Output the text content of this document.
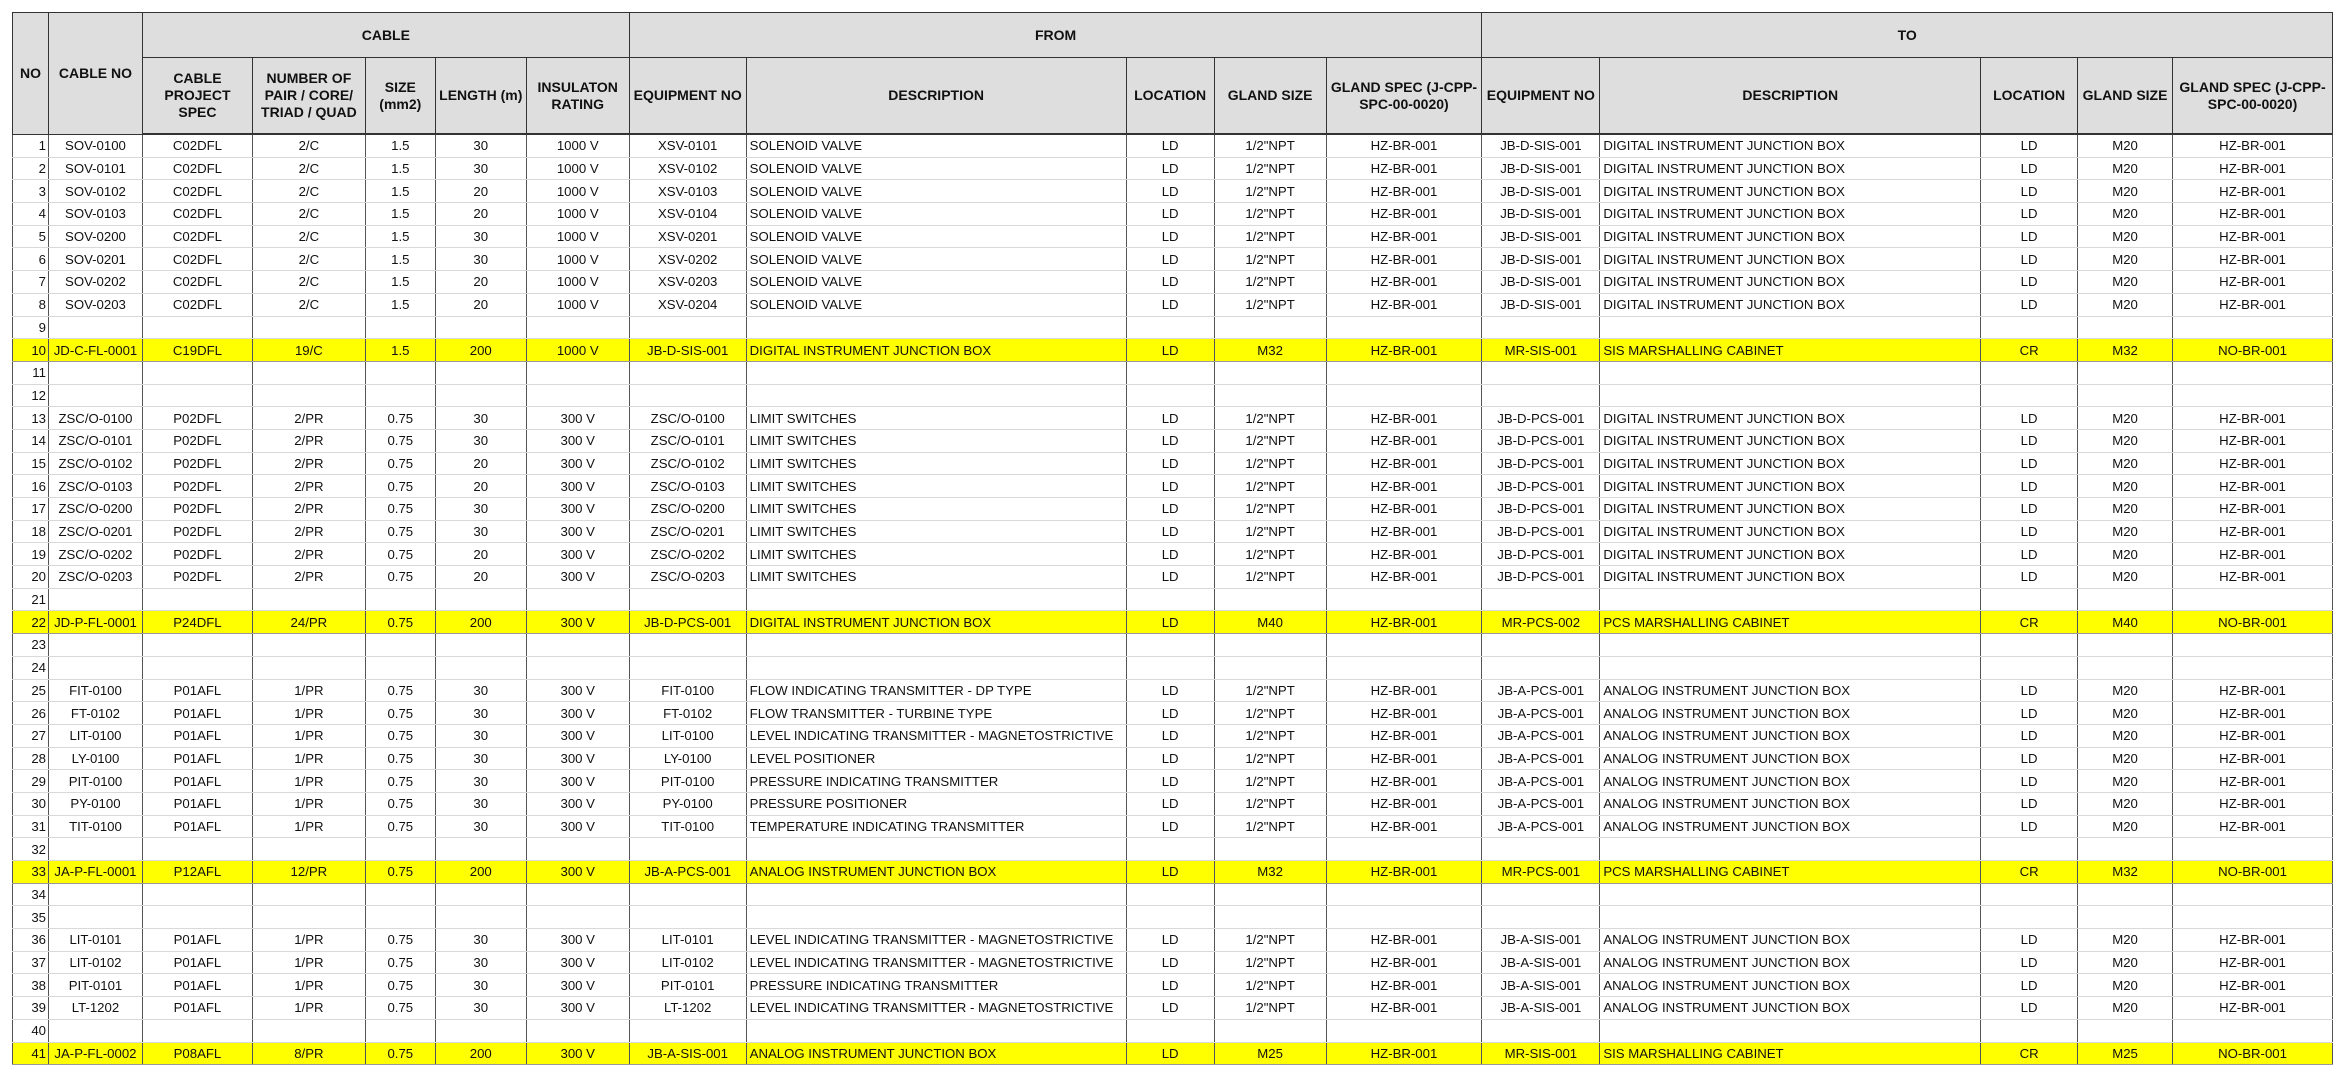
NO	CABLE NO	CABLE					FROM					TO				
		CABLE PROJECT SPEC	NUMBER OF PAIR / CORE/ TRIAD / QUAD	SIZE (mm2)	LENGTH (m)	INSULATON RATING	EQUIPMENT NO	DESCRIPTION	LOCATION	GLAND SIZE	GLAND SPEC (J-CPP-SPC-00-0020)	EQUIPMENT NO	DESCRIPTION	LOCATION	GLAND SIZE	GLAND SPEC (J-CPP-SPC-00-0020)
1	SOV-0100	C02DFL	2/C	1.5	30	1000 V	XSV-0101	SOLENOID VALVE	LD	1/2"NPT	HZ-BR-001	JB-D-SIS-001	DIGITAL INSTRUMENT JUNCTION BOX	LD	M20	HZ-BR-001
2	SOV-0101	C02DFL	2/C	1.5	30	1000 V	XSV-0102	SOLENOID VALVE	LD	1/2"NPT	HZ-BR-001	JB-D-SIS-001	DIGITAL INSTRUMENT JUNCTION BOX	LD	M20	HZ-BR-001
3	SOV-0102	C02DFL	2/C	1.5	20	1000 V	XSV-0103	SOLENOID VALVE	LD	1/2"NPT	HZ-BR-001	JB-D-SIS-001	DIGITAL INSTRUMENT JUNCTION BOX	LD	M20	HZ-BR-001
4	SOV-0103	C02DFL	2/C	1.5	20	1000 V	XSV-0104	SOLENOID VALVE	LD	1/2"NPT	HZ-BR-001	JB-D-SIS-001	DIGITAL INSTRUMENT JUNCTION BOX	LD	M20	HZ-BR-001
5	SOV-0200	C02DFL	2/C	1.5	30	1000 V	XSV-0201	SOLENOID VALVE	LD	1/2"NPT	HZ-BR-001	JB-D-SIS-001	DIGITAL INSTRUMENT JUNCTION BOX	LD	M20	HZ-BR-001
6	SOV-0201	C02DFL	2/C	1.5	30	1000 V	XSV-0202	SOLENOID VALVE	LD	1/2"NPT	HZ-BR-001	JB-D-SIS-001	DIGITAL INSTRUMENT JUNCTION BOX	LD	M20	HZ-BR-001
7	SOV-0202	C02DFL	2/C	1.5	20	1000 V	XSV-0203	SOLENOID VALVE	LD	1/2"NPT	HZ-BR-001	JB-D-SIS-001	DIGITAL INSTRUMENT JUNCTION BOX	LD	M20	HZ-BR-001
8	SOV-0203	C02DFL	2/C	1.5	20	1000 V	XSV-0204	SOLENOID VALVE	LD	1/2"NPT	HZ-BR-001	JB-D-SIS-001	DIGITAL INSTRUMENT JUNCTION BOX	LD	M20	HZ-BR-001
9																
10	JD-C-FL-0001	C19DFL	19/C	1.5	200	1000 V	JB-D-SIS-001	DIGITAL INSTRUMENT JUNCTION BOX	LD	M32	HZ-BR-001	MR-SIS-001	SIS MARSHALLING CABINET	CR	M32	NO-BR-001
11																
12																
13	ZSC/O-0100	P02DFL	2/PR	0.75	30	300 V	ZSC/O-0100	LIMIT SWITCHES	LD	1/2"NPT	HZ-BR-001	JB-D-PCS-001	DIGITAL INSTRUMENT JUNCTION BOX	LD	M20	HZ-BR-001
14	ZSC/O-0101	P02DFL	2/PR	0.75	30	300 V	ZSC/O-0101	LIMIT SWITCHES	LD	1/2"NPT	HZ-BR-001	JB-D-PCS-001	DIGITAL INSTRUMENT JUNCTION BOX	LD	M20	HZ-BR-001
15	ZSC/O-0102	P02DFL	2/PR	0.75	20	300 V	ZSC/O-0102	LIMIT SWITCHES	LD	1/2"NPT	HZ-BR-001	JB-D-PCS-001	DIGITAL INSTRUMENT JUNCTION BOX	LD	M20	HZ-BR-001
16	ZSC/O-0103	P02DFL	2/PR	0.75	20	300 V	ZSC/O-0103	LIMIT SWITCHES	LD	1/2"NPT	HZ-BR-001	JB-D-PCS-001	DIGITAL INSTRUMENT JUNCTION BOX	LD	M20	HZ-BR-001
17	ZSC/O-0200	P02DFL	2/PR	0.75	30	300 V	ZSC/O-0200	LIMIT SWITCHES	LD	1/2"NPT	HZ-BR-001	JB-D-PCS-001	DIGITAL INSTRUMENT JUNCTION BOX	LD	M20	HZ-BR-001
18	ZSC/O-0201	P02DFL	2/PR	0.75	30	300 V	ZSC/O-0201	LIMIT SWITCHES	LD	1/2"NPT	HZ-BR-001	JB-D-PCS-001	DIGITAL INSTRUMENT JUNCTION BOX	LD	M20	HZ-BR-001
19	ZSC/O-0202	P02DFL	2/PR	0.75	20	300 V	ZSC/O-0202	LIMIT SWITCHES	LD	1/2"NPT	HZ-BR-001	JB-D-PCS-001	DIGITAL INSTRUMENT JUNCTION BOX	LD	M20	HZ-BR-001
20	ZSC/O-0203	P02DFL	2/PR	0.75	20	300 V	ZSC/O-0203	LIMIT SWITCHES	LD	1/2"NPT	HZ-BR-001	JB-D-PCS-001	DIGITAL INSTRUMENT JUNCTION BOX	LD	M20	HZ-BR-001
21																
22	JD-P-FL-0001	P24DFL	24/PR	0.75	200	300 V	JB-D-PCS-001	DIGITAL INSTRUMENT JUNCTION BOX	LD	M40	HZ-BR-001	MR-PCS-002	PCS MARSHALLING CABINET	CR	M40	NO-BR-001
23																
24																
25	FIT-0100	P01AFL	1/PR	0.75	30	300 V	FIT-0100	FLOW INDICATING TRANSMITTER - DP TYPE	LD	1/2"NPT	HZ-BR-001	JB-A-PCS-001	ANALOG INSTRUMENT JUNCTION BOX	LD	M20	HZ-BR-001
26	FT-0102	P01AFL	1/PR	0.75	30	300 V	FT-0102	FLOW TRANSMITTER - TURBINE TYPE	LD	1/2"NPT	HZ-BR-001	JB-A-PCS-001	ANALOG INSTRUMENT JUNCTION BOX	LD	M20	HZ-BR-001
27	LIT-0100	P01AFL	1/PR	0.75	30	300 V	LIT-0100	LEVEL INDICATING TRANSMITTER - MAGNETOSTRICTIVE	LD	1/2"NPT	HZ-BR-001	JB-A-PCS-001	ANALOG INSTRUMENT JUNCTION BOX	LD	M20	HZ-BR-001
28	LY-0100	P01AFL	1/PR	0.75	30	300 V	LY-0100	LEVEL POSITIONER	LD	1/2"NPT	HZ-BR-001	JB-A-PCS-001	ANALOG INSTRUMENT JUNCTION BOX	LD	M20	HZ-BR-001
29	PIT-0100	P01AFL	1/PR	0.75	30	300 V	PIT-0100	PRESSURE INDICATING TRANSMITTER	LD	1/2"NPT	HZ-BR-001	JB-A-PCS-001	ANALOG INSTRUMENT JUNCTION BOX	LD	M20	HZ-BR-001
30	PY-0100	P01AFL	1/PR	0.75	30	300 V	PY-0100	PRESSURE POSITIONER	LD	1/2"NPT	HZ-BR-001	JB-A-PCS-001	ANALOG INSTRUMENT JUNCTION BOX	LD	M20	HZ-BR-001
31	TIT-0100	P01AFL	1/PR	0.75	30	300 V	TIT-0100	TEMPERATURE INDICATING TRANSMITTER	LD	1/2"NPT	HZ-BR-001	JB-A-PCS-001	ANALOG INSTRUMENT JUNCTION BOX	LD	M20	HZ-BR-001
32																
33	JA-P-FL-0001	P12AFL	12/PR	0.75	200	300 V	JB-A-PCS-001	ANALOG INSTRUMENT JUNCTION BOX	LD	M32	HZ-BR-001	MR-PCS-001	PCS MARSHALLING CABINET	CR	M32	NO-BR-001
34																
35																
36	LIT-0101	P01AFL	1/PR	0.75	30	300 V	LIT-0101	LEVEL INDICATING TRANSMITTER - MAGNETOSTRICTIVE	LD	1/2"NPT	HZ-BR-001	JB-A-SIS-001	ANALOG INSTRUMENT JUNCTION BOX	LD	M20	HZ-BR-001
37	LIT-0102	P01AFL	1/PR	0.75	30	300 V	LIT-0102	LEVEL INDICATING TRANSMITTER - MAGNETOSTRICTIVE	LD	1/2"NPT	HZ-BR-001	JB-A-SIS-001	ANALOG INSTRUMENT JUNCTION BOX	LD	M20	HZ-BR-001
38	PIT-0101	P01AFL	1/PR	0.75	30	300 V	PIT-0101	PRESSURE INDICATING TRANSMITTER	LD	1/2"NPT	HZ-BR-001	JB-A-SIS-001	ANALOG INSTRUMENT JUNCTION BOX	LD	M20	HZ-BR-001
39	LT-1202	P01AFL	1/PR	0.75	30	300 V	LT-1202	LEVEL INDICATING TRANSMITTER - MAGNETOSTRICTIVE	LD	1/2"NPT	HZ-BR-001	JB-A-SIS-001	ANALOG INSTRUMENT JUNCTION BOX	LD	M20	HZ-BR-001
40																
41	JA-P-FL-0002	P08AFL	8/PR	0.75	200	300 V	JB-A-SIS-001	ANALOG INSTRUMENT JUNCTION BOX	LD	M25	HZ-BR-001	MR-SIS-001	SIS MARSHALLING CABINET	CR	M25	NO-BR-001
